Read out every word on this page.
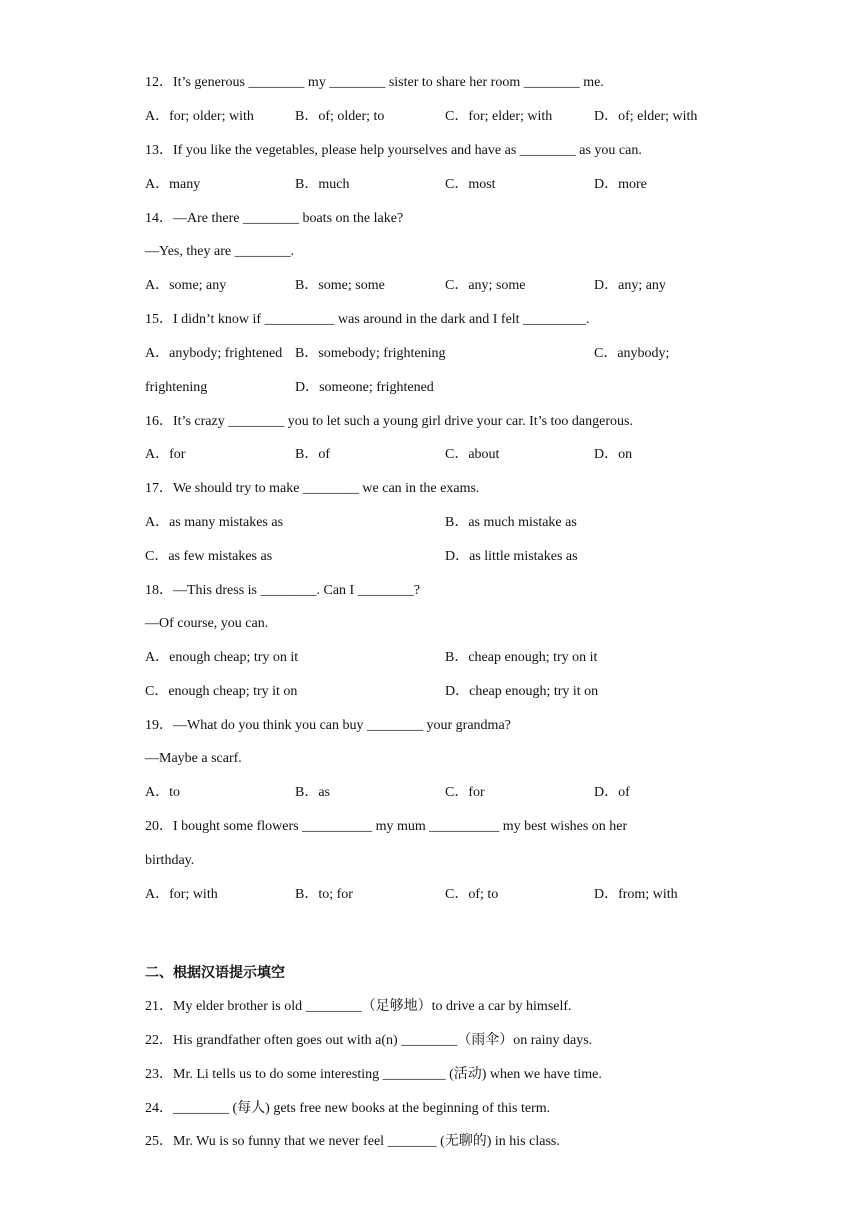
12．It’s generous ________ my ________ sister to share her room ________ me.
A．for; older; with	B．of; older; to	C．for; elder; with	D．of; elder; with
13．If you like the vegetables, please help yourselves and have as ________ as you can.
A．many	B．much	C．most	D．more
14．—Are there ________ boats on the lake?
—Yes, they are ________.
A．some; any	B．some; some	C．any; some	D．any; any
15．I didn’t know if __________ was around in the dark and I felt _________.
A．anybody; frightened B．somebody; frightening	C．anybody;
frightening	D．someone; frightened
16．It’s crazy ________ you to let such a young girl drive your car. It’s too dangerous.
A．for	B．of	C．about	D．on
17．We should try to make ________ we can in the exams.
A．as many mistakes as	B．as much mistake as
C．as few mistakes as	D．as little mistakes as
18．—This dress is ________. Can I ________?
—Of course, you can.
A．enough cheap; try on it	B．cheap enough; try on it
C．enough cheap; try it on	D．cheap enough; try it on
19．—What do you think you can buy ________ your grandma?
—Maybe a scarf.
A．to	B．as	C．for	D．of
20．I bought some flowers __________ my mum __________ my best wishes on her
birthday.
A．for; with	B．to; for	C．of; to	D．from; with
二、根据汉语提示填空
21．My elder brother is old ________（足够地）to drive a car by himself.
22．His grandfather often goes out with a(n) ________（雨伞）on rainy days.
23．Mr. Li tells us to do some interesting _________ (活动) when we have time.
24．________ (每人) gets free new books at the beginning of this term.
25．Mr. Wu is so funny that we never feel _______ (无聊的) in his class.
